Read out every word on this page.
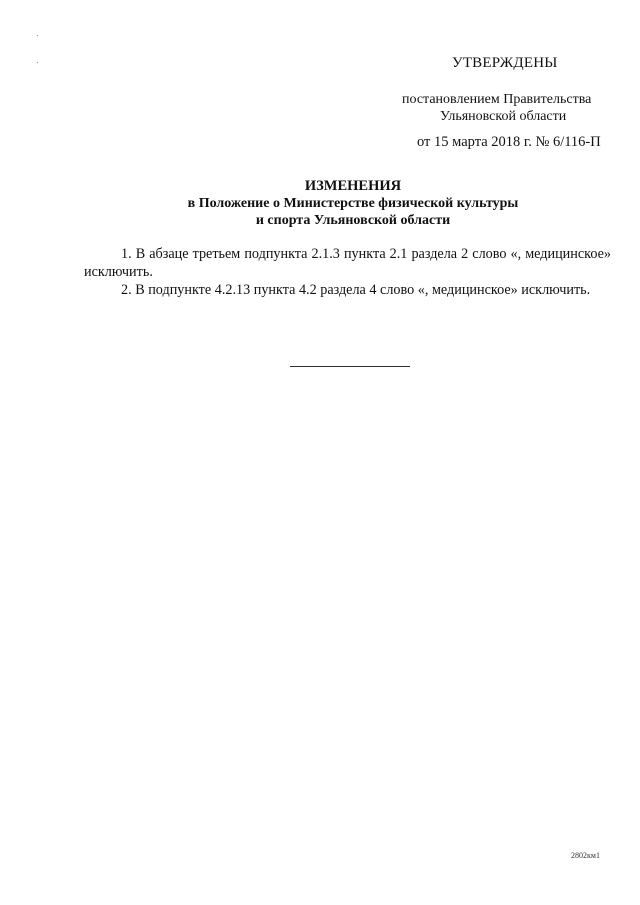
УТВЕРЖДЕНЫ
постановлением Правительства
Ульяновской области
от 15 марта 2018 г. № 6/116-П
ИЗМЕНЕНИЯ
в Положение о Министерстве физической культуры
и спорта Ульяновской области
1. В абзаце третьем подпункта 2.1.3 пункта 2.1 раздела 2 слово «, медицинское» исключить.
2. В подпункте 4.2.13 пункта 4.2 раздела 4 слово «, медицинское» исключить.
2802км1
